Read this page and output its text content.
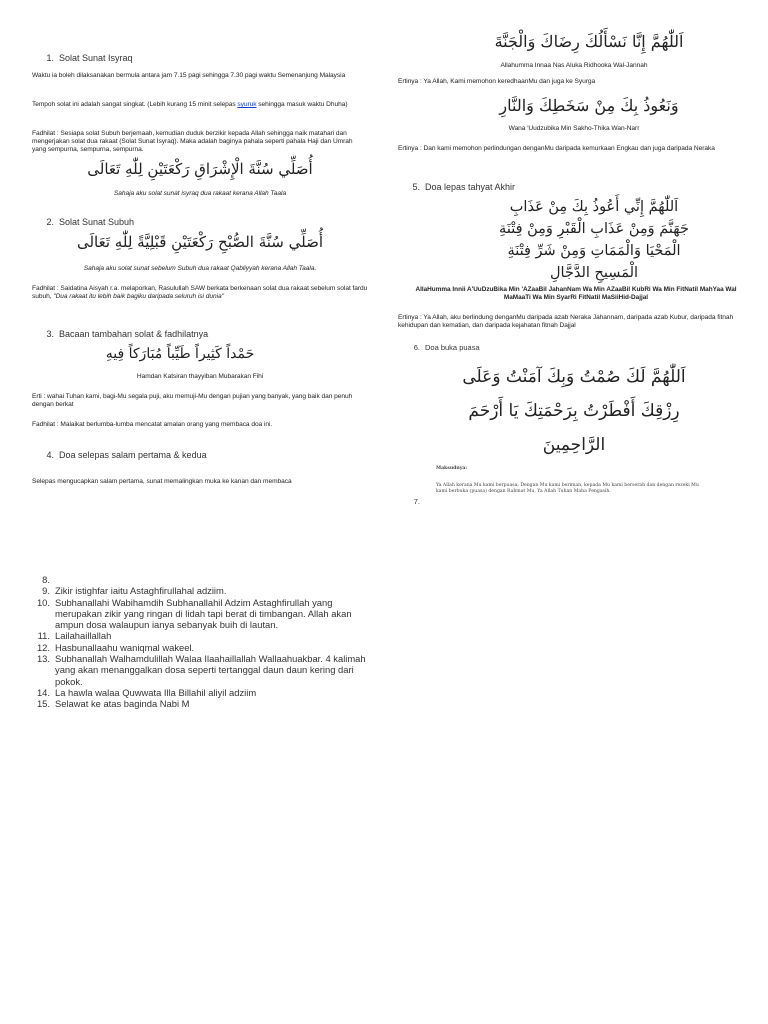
1. Solat Sunat Isyraq
Waktu ia boleh dilaksanakan bermula antara jam 7.15 pagi sehingga 7.30 pagi waktu Semenanjung Malaysia
Tempoh solat ini adalah sangat singkat. (Lebih kurang 15 minit selepas syuruk sehingga masuk waktu Dhuha)
Fadhilat : Sesiapa solat Subuh berjemaah, kemudian duduk berzikir kepada Allah sehingga naik matahari dan mengerjakan solat dua rakaat (Solat Sunat Isyraq). Maka adalah baginya pahala seperti pahala Haji dan Umrah yang sempurna, sempurna, sempurna.
أُصَلِّي سُنَّةَ الْإِشْرَاقِ رَكْعَتَيْنِ لِلّٰهِ تَعَالَى
Sahaja aku solat sunat isyraq dua rakaat kerana Allah Taala
2. Solat Sunat Subuh
أُصَلِّي سُنَّةَ الصُّبْحِ رَكْعَتَيْنِ قَبْلِيَّةً لِلّٰهِ تَعَالَى
Sahaja aku solat sunat sebelum Subuh dua rakaat Qabliyyah kerana Allah Taala.
Fadhilat : Saidatina Aisyah r.a. melaporkan, Rasulullah SAW berkata berkenaan solat dua rakaat sebelum solat fardu subuh, "Dua rakaat itu lebih baik bagiku daripada seluruh isi dunia"
3. Bacaan tambahan solat & fadhilatnya
حَمْداً كَثِيراً طَيِّباً مُبَارَكاً فِيهِ
Hamdan Katsiran thayyiban Mubarakan Fihi
Erti : wahai Tuhan kami, bagi-Mu segala puji, aku memuji-Mu dengan pujian yang banyak, yang baik dan penuh dengan berkat
Fadhilat : Malaikat berlumba-lumba mencatat amalan orang yang membaca doa ini.
4. Doa selepas salam pertama & kedua
Selepas mengucapkan salam pertama, sunat memalingkan muka ke kanan dan membaca
8.
9. Zikir istighfar iaitu Astaghfirullahal adziim.
10. Subhanallahi Wabihamdih Subhanallahil Adzim Astaghfirullah yang merupakan zikir yang ringan di lidah tapi berat di timbangan. Allah akan ampun dosa walaupun ianya sebanyak buih di lautan.
11. Lailahaillallah
12. Hasbunallaahu waniqmal wakeel.
13. Subhanallah Walhamdulillah Walaa Ilaahaillallah Wallaahuakbar. 4 kalimah yang akan menanggalkan dosa seperti tertanggal daun daun kering dari pokok.
14. La hawla walaa Quwwata Illa Billahil aliyil adziim
15. Selawat ke atas baginda Nabi M
اَللّٰهُمَّ إِنَّا نَسْأَلُكَ رِضَاكَ وَالْجَنَّةَ
Allahumma Innaa Nas Aluka Ridhooka Wal-Jannah
Ertinya : Ya Allah, Kami memohon keredhaanMu dan juga ke Syurga
وَنَعُوذُ بِكَ مِنْ سَخَطِكَ وَالنَّارِ
Wana 'Uudzubika Min Sakho-Thika Wan-Narr
Ertinya : Dan kami memohon perlindungan denganMu daripada kemurkaan Engkau dan juga daripada Neraka
5. Doa lepas tahyat Akhir
اَللّٰهُمَّ إِنِّي أَعُوذُ بِكَ مِنْ عَذَابِ
جَهَنَّمَ وَمِنْ عَذَابِ الْقَبْرِ وَمِنْ فِتْنَةِ
الْمَحْيَا وَالْمَمَاتِ وَمِنْ شَرِّ فِتْنَةِ
الْمَسِيحِ الدَّجَّالِ
AllaHumma Innii A'UuDzuBika Min 'AZaaBil JahanNam Wa Min AZaaBil KubRi Wa Min FitNatil MahYaa Wal MaMaaTi Wa Min SyarRi FitNatil MaSiiHid-Dajjal
Ertinya : Ya Allah, aku berlindung denganMu daripada azab Neraka Jahannam, daripada azab Kubur, daripada fitnah kehidupan dan kematian, dan daripada kejahatan fitnah Dajjal
6. Doa buka puasa
اَللّٰهُمَّ لَكَ صُمْتُ وَبِكَ آمَنْتُ وَعَلَى
رِزْقِكَ أَفْطَرْتُ بِرَحْمَتِكَ يَا أَرْحَمَ
الرَّاحِمِينَ
Maksudnya:
Ya Allah kerana Mu kami berpuasa, Dengan Mu kami beriman, kepada Mu kami berserah dan dengan rezeki Mu kami berbuka (puasa) dengan Rahmat Mu, Ya Allah Tuhan Maha Pengasih.
7.
